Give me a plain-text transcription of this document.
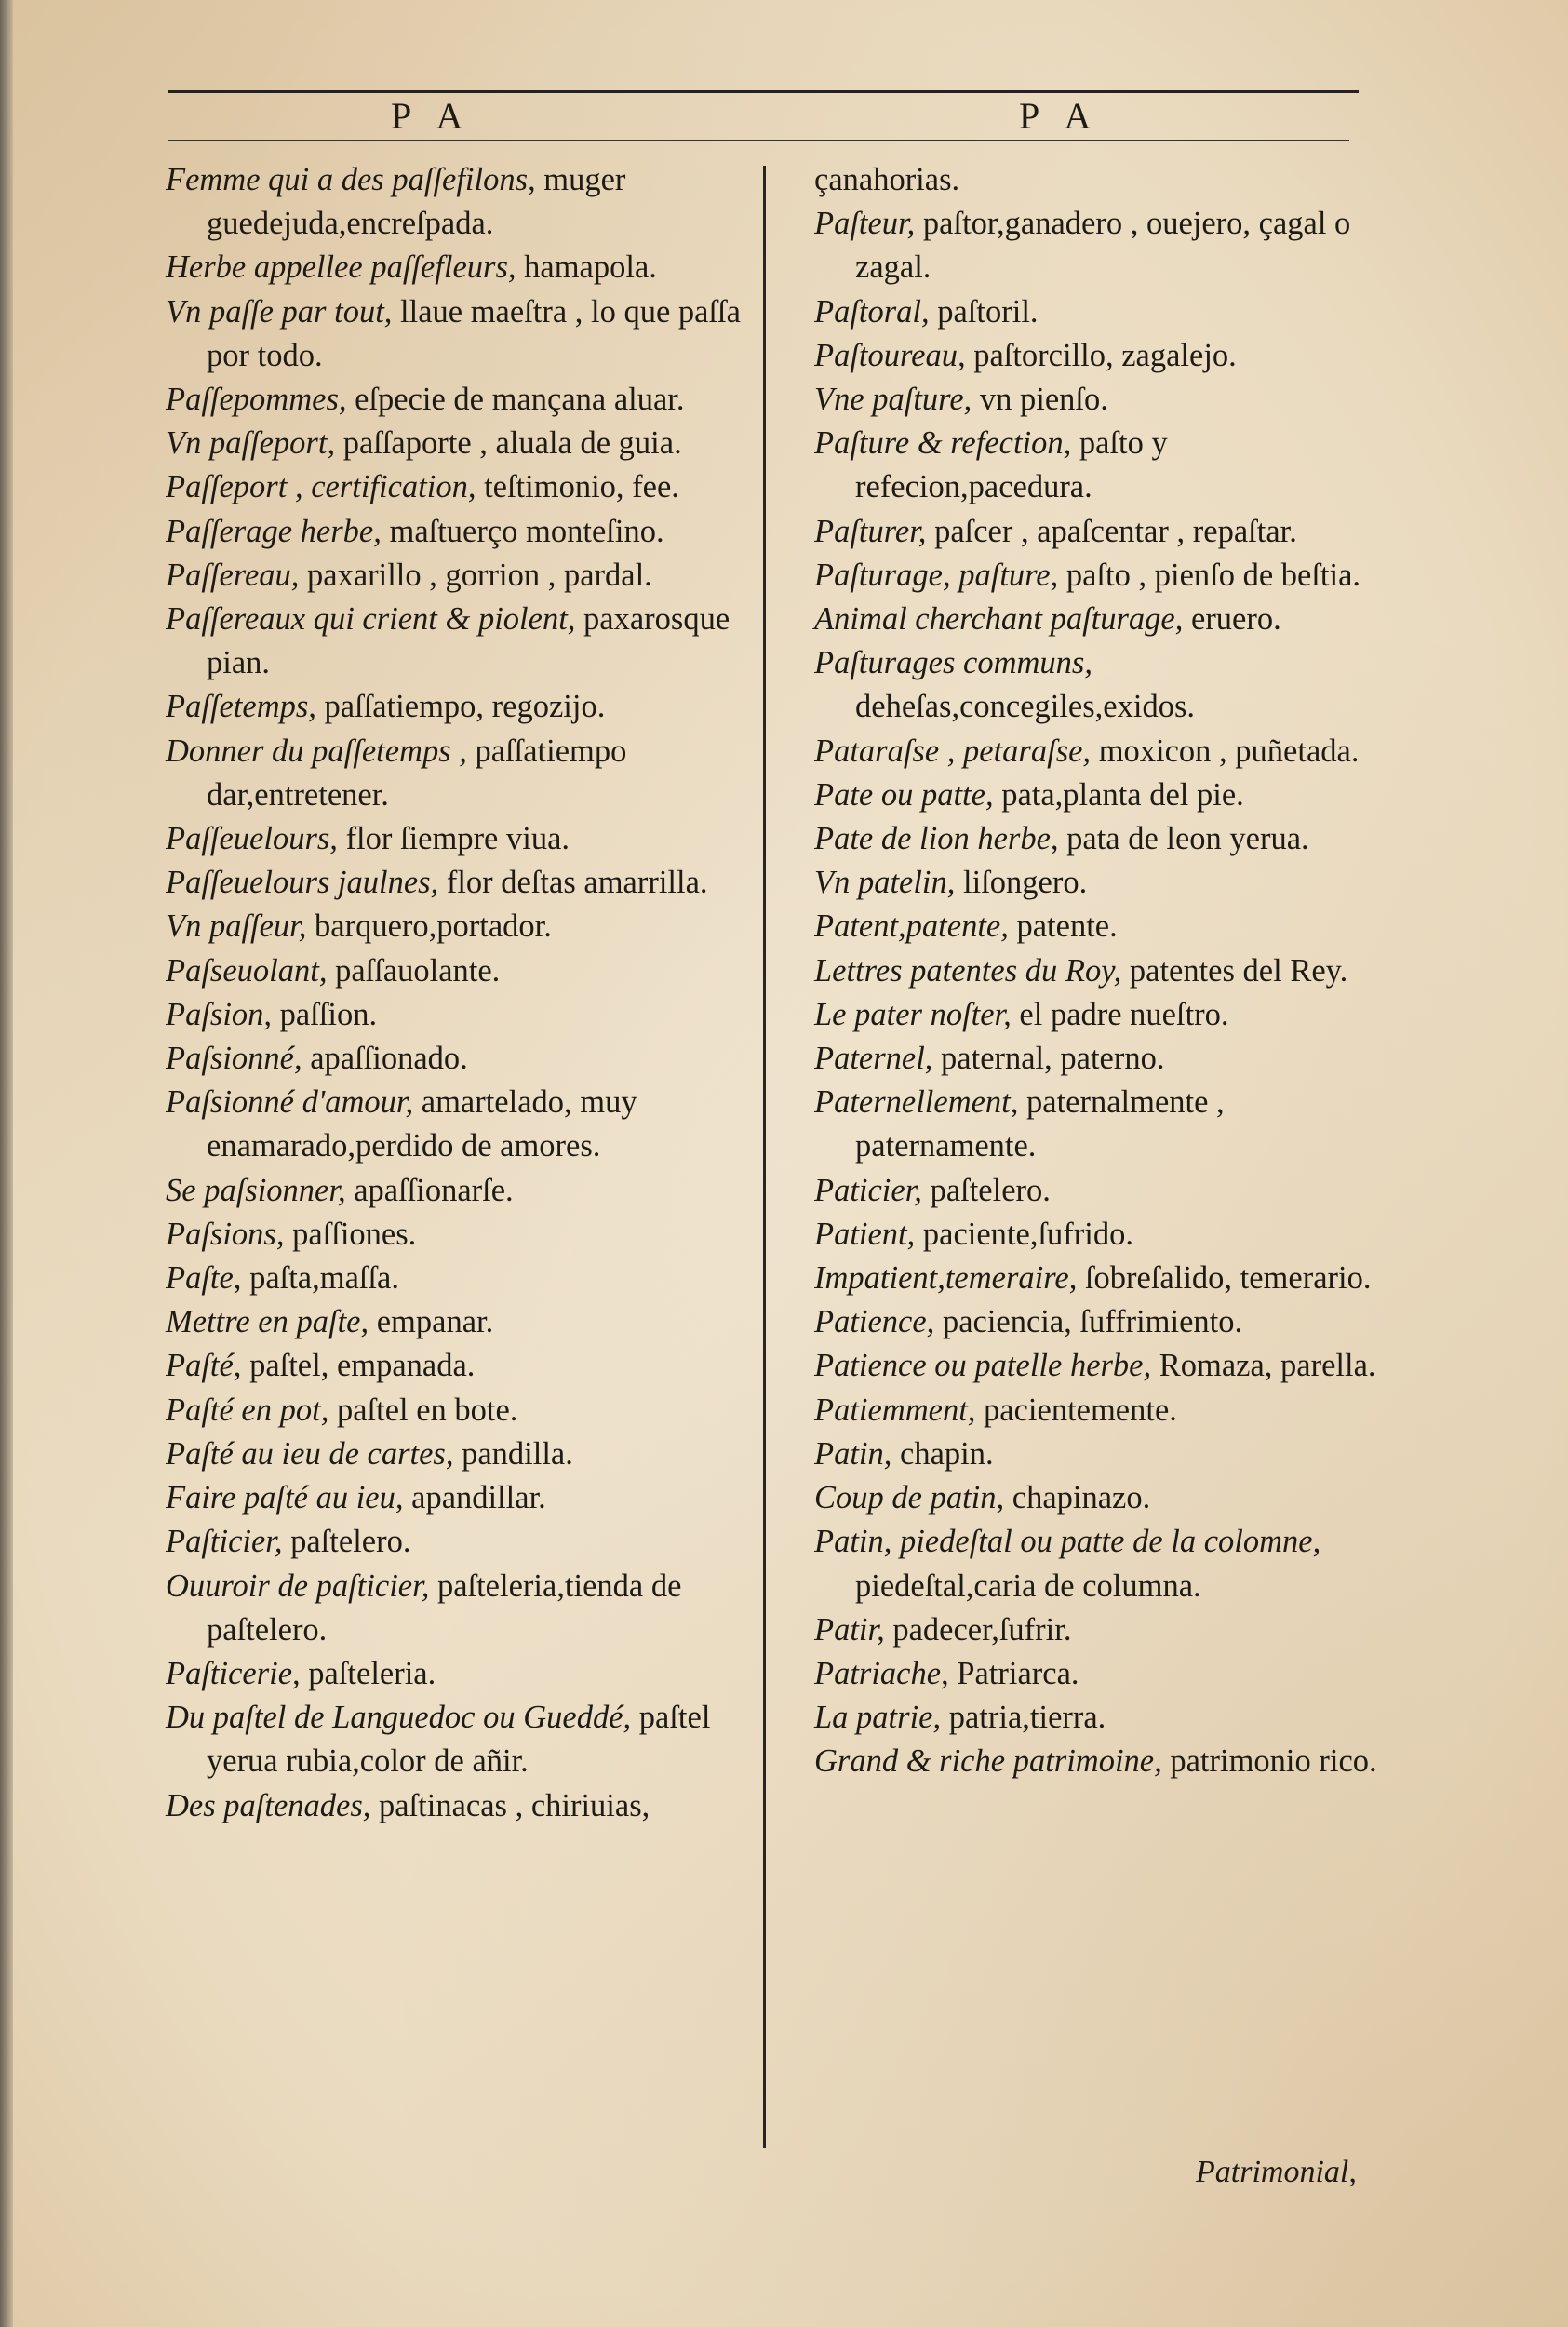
P A	P A

Femme qui a des paſſefilons, muger guedejuda,encreſpada.

Herbe appellee paſſefleurs, hamapola.

Vn paſſe par tout, llaue maeſtra , lo que paſſa por todo.

Paſſepommes, eſpecie de mançana aluar.

Vn paſſeport, paſſaporte , aluala de guia.

Paſſeport , certification, teſtimonio, fee.

Paſſerage herbe, maſtuerço monteſino.

Paſſereau, paxarillo , gorrion , pardal.

Paſſereaux qui crient & piolent, paxarosque pian.

Paſſetemps, paſſatiempo, regozijo.

Donner du paſſetemps , paſſatiempo dar,entretener.

Paſſeuelours, flor ſiempre viua.

Paſſeuelours jaulnes, flor deſtas amarrilla.

Vn paſſeur, barquero,portador.

Paſseuolant, paſſauolante.

Paſsion, paſſion.

Paſsionné, apaſſionado.

Paſsionné d'amour, amartelado, muy enamarado,perdido de amores.

Se paſsionner, apaſſionarſe.

Paſsions, paſſiones.

Paſte, paſta,maſſa.

Mettre en paſte, empanar.

Paſté, paſtel, empanada.

Paſté en pot, paſtel en bote.

Paſté au ieu de cartes, pandilla.

Faire paſté au ieu, apandillar.

Paſticier, paſtelero.

Ouuroir de paſticier, paſteleria,tienda de paſtelero.

Paſticerie, paſteleria.

Du paſtel de Languedoc ou Gueddé, paſtel yerua rubia,color de añir.

Des paſtenades, paſtinacas , chiriuias,

çanahorias.

Paſteur, paſtor,ganadero , ouejero, çagal o zagal.

Paſtoral, paſtoril.

Paſtoureau, paſtorcillo, zagalejo.

Vne paſture, vn pienſo.

Paſture & refection, paſto y refecion,pacedura.

Paſturer, paſcer , apaſcentar , repaſtar.

Paſturage, paſture, paſto , pienſo de beſtia.

Animal cherchant paſturage, eruero.

Paſturages communs, deheſas,concegiles,exidos.

Pataraſse , petaraſse, moxicon , puñetada.

Pate ou patte, pata,planta del pie.

Pate de lion herbe, pata de leon yerua.

Vn patelin, liſongero.

Patent,patente, patente.

Lettres patentes du Roy, patentes del Rey.

Le pater noſter, el padre nueſtro.

Paternel, paternal, paterno.

Paternellement, paternalmente , paternamente.

Paticier, paſtelero.

Patient, paciente,ſufrido.

Impatient,temeraire, ſobreſalido, temerario.

Patience, paciencia, ſuffrimiento.

Patience ou patelle herbe, Romaza, parella.

Patiemment, pacientemente.

Patin, chapin.

Coup de patin, chapinazo.

Patin, piedeſtal ou patte de la colomne, piedeſtal,caria de columna.

Patir, padecer,ſufrir.

Patriache, Patriarca.

La patrie, patria,tierra.

Grand & riche patrimoine, patrimonio rico.

Patrimonial,
